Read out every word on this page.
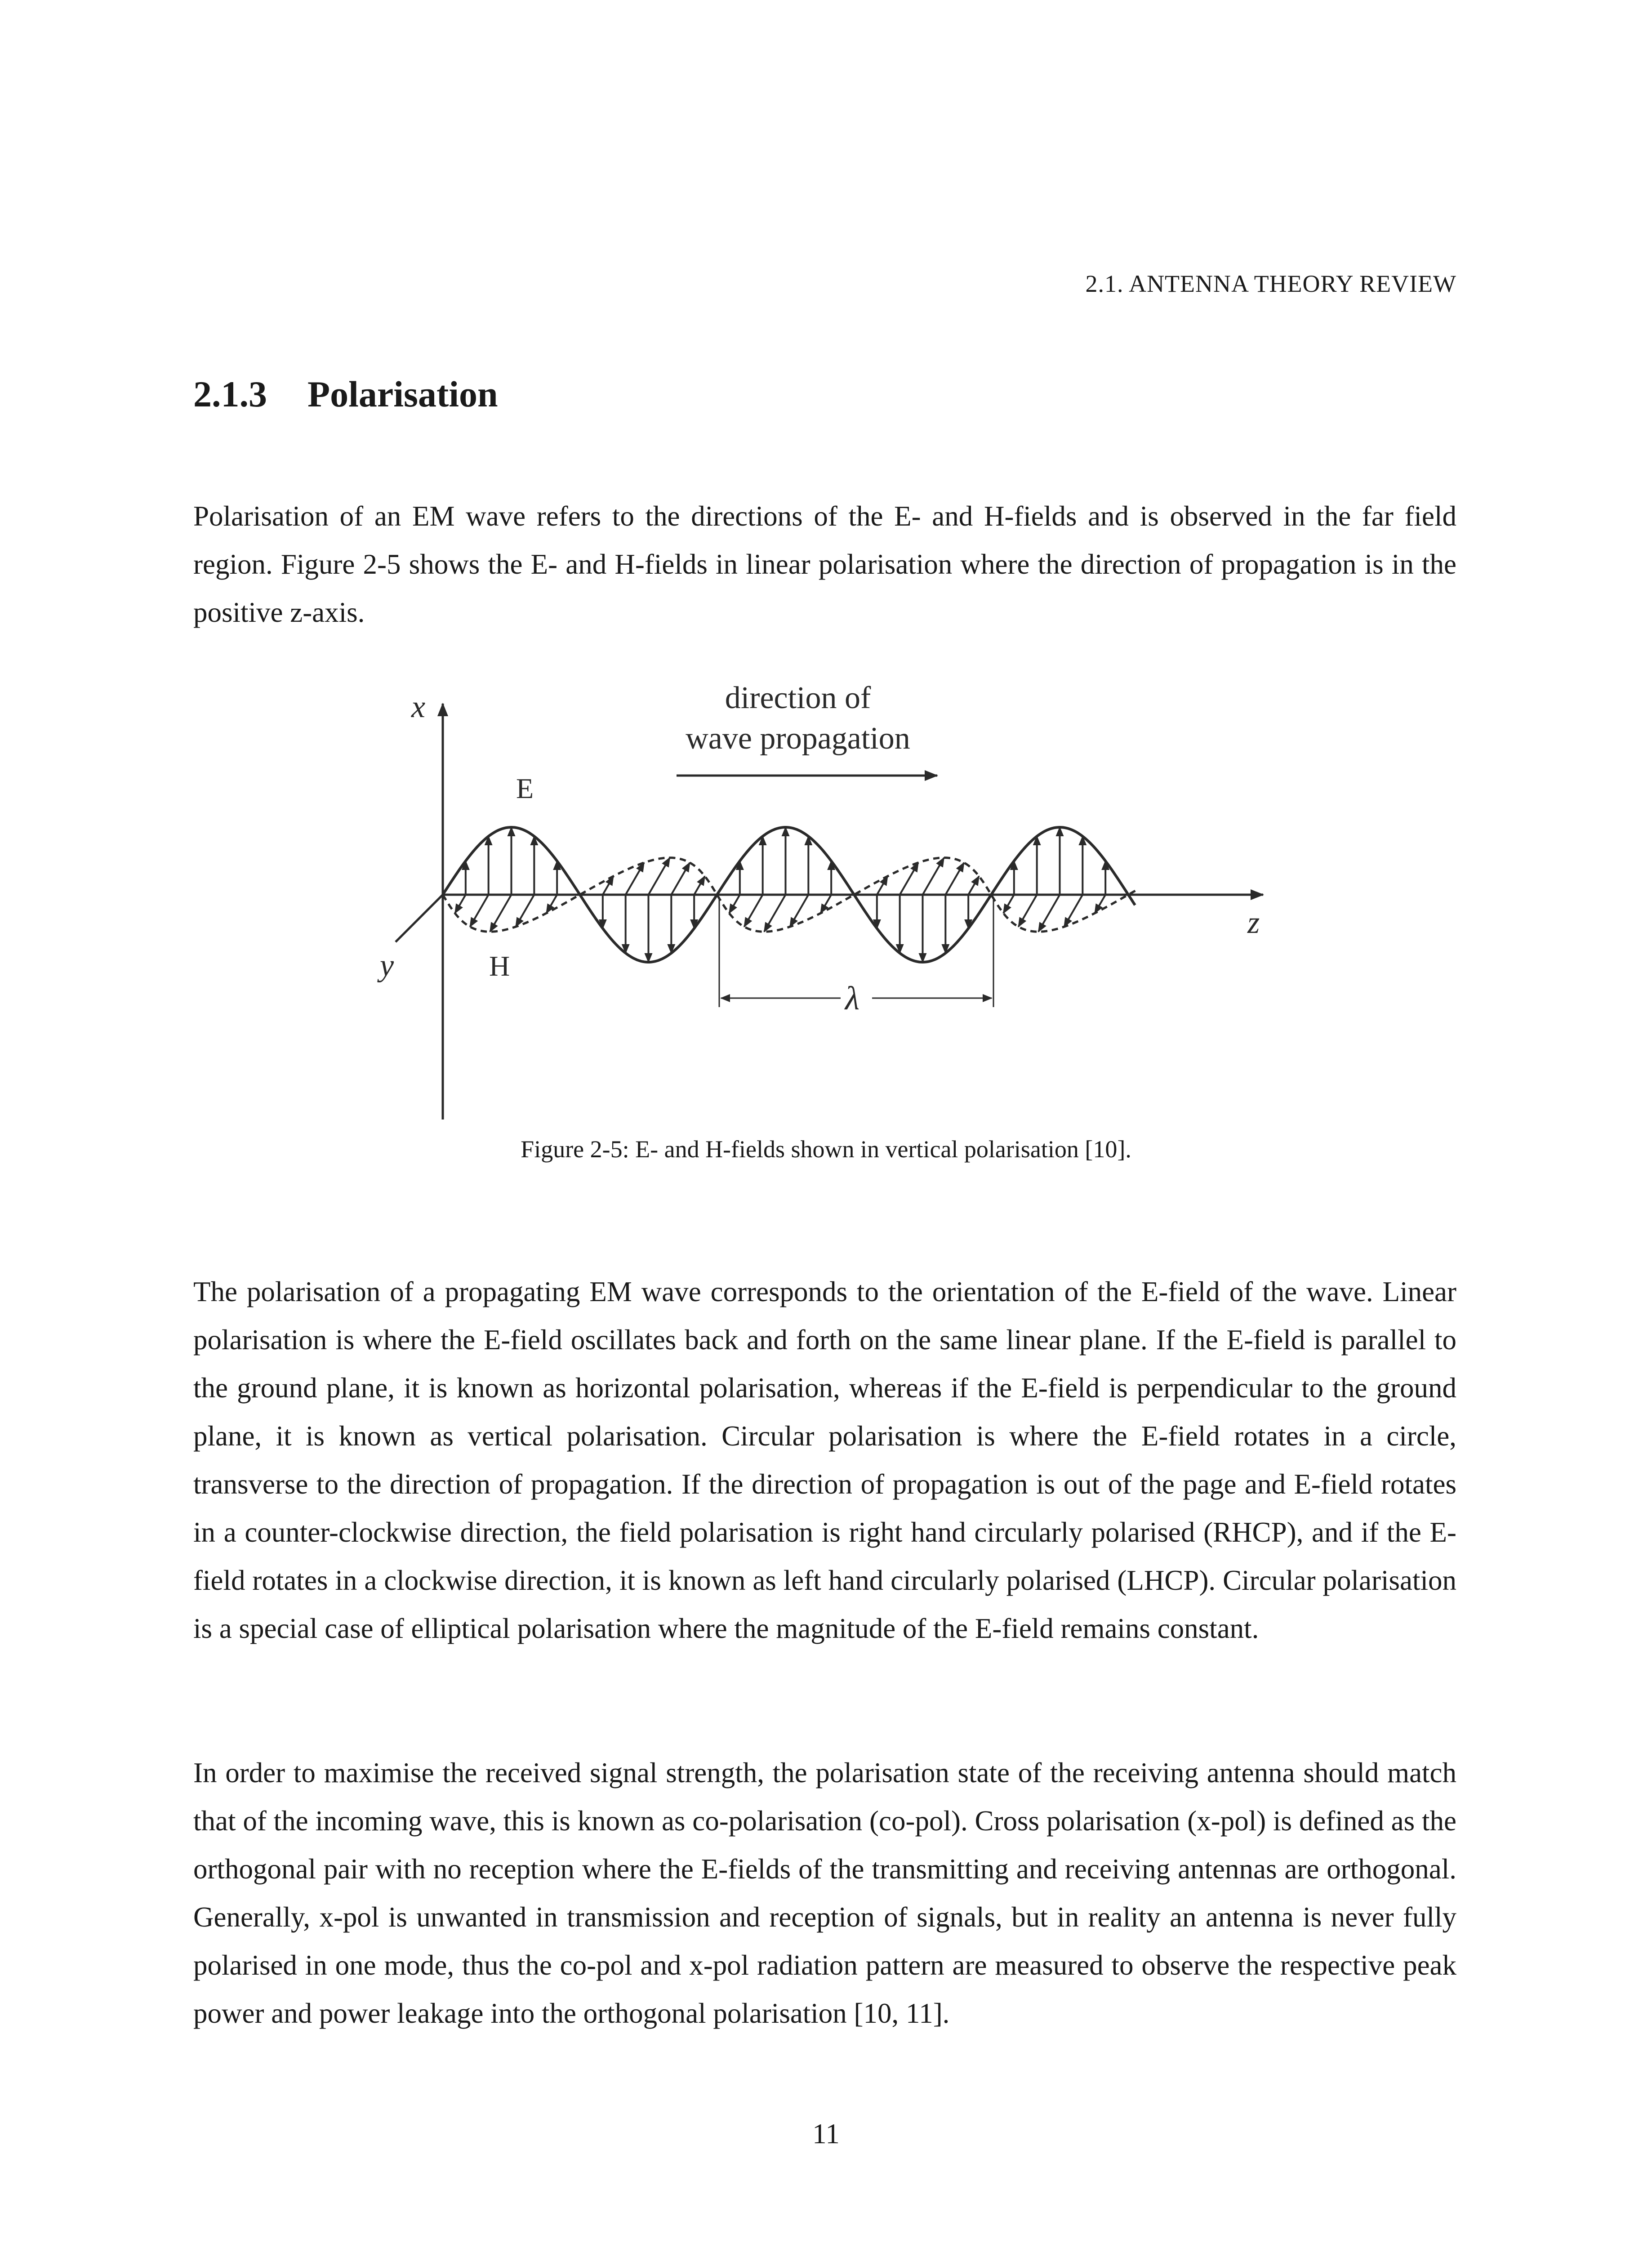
2.1. ANTENNA THEORY REVIEW
2.1.3 Polarisation

Polarisation of an EM wave refers to the directions of the E- and H-fields and is observed in the far field region. Figure 2-5 shows the E- and H-fields in linear polarisation where the direction of propagation is in the positive z-axis.

x
y
z
E
H
λ
direction of
wave propagation
Figure 2-5: E- and H-fields shown in vertical polarisation [10].

The polarisation of a propagating EM wave corresponds to the orientation of the E-field of the wave. Linear polarisation is where the E-field oscillates back and forth on the same linear plane. If the E-field is parallel to the ground plane, it is known as horizontal polarisation, whereas if the E-field is perpendicular to the ground plane, it is known as vertical polarisation. Circular polarisation is where the E-field rotates in a circle, transverse to the direction of propagation. If the direction of propagation is out of the page and E-field rotates in a counter-clockwise direction, the field polarisation is right hand circularly polarised (RHCP), and if the E-field rotates in a clockwise direction, it is known as left hand circularly polarised (LHCP). Circular polarisation is a special case of elliptical polarisation where the magnitude of the E-field remains constant.

In order to maximise the received signal strength, the polarisation state of the receiving antenna should match that of the incoming wave, this is known as co-polarisation (co-pol). Cross polarisation (x-pol) is defined as the orthogonal pair with no reception where the E-fields of the transmitting and receiving antennas are orthogonal. Generally, x-pol is unwanted in transmission and reception of signals, but in reality an antenna is never fully polarised in one mode, thus the co-pol and x-pol radiation pattern are measured to observe the respective peak power and power leakage into the orthogonal polarisation [10, 11].

11
